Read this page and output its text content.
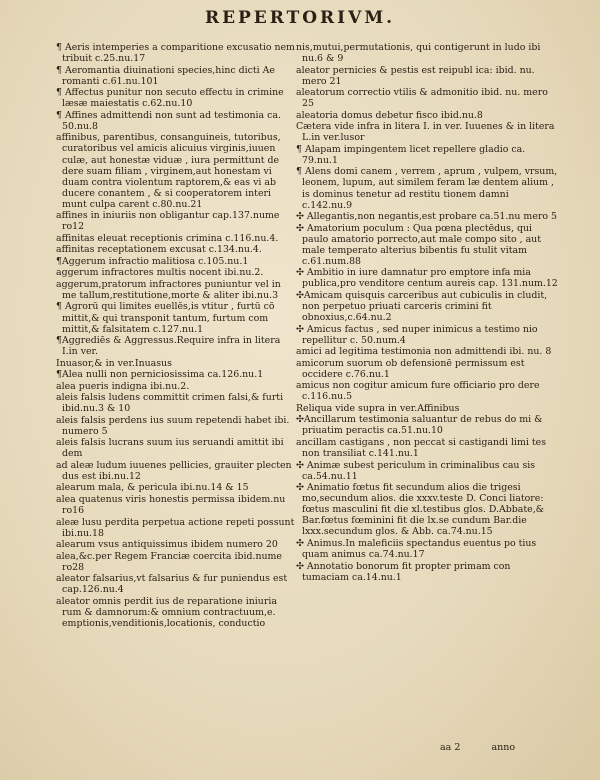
REPERTORIVM.
¶ Aeris intemperies a comparitione excusatio nem tribuit c.25.nu.17
¶ Aeromantia diuinationi species,hinc dicti Ae romanti c.61.nu.101
¶ Affectus punitur non secuto effectu in crimine læsæ maiestatis c.62.nu.10
¶ Affines admittendi non sunt ad testimonia ca. 50.nu.8
affinibus, parentibus, consanguineis, tutoribus, curatoribus vel amicis alicuius virginis,iuuen culæ, aut honestæ viduæ , iura permittunt de dere suam filiam , virginem,aut honestam vi duam contra violentum raptorem,& eas vi ab ducere conantem , & si cooperatorem interi munt culpa carent c.80.nu.21
affines in iniuriis non obligantur cap.137.nume ro12
affinitas eleuat receptionis crimina c.116.nu.4.
affinitas receptationem excusat c.134.nu.4.
¶Aggerum infractio malitiosa c.105.nu.1
aggerum infractores multis nocent ibi.nu.2.
aggerum,pratorum infractores puniuntur vel in me tallum,restitutione,morte & aliter ibi.nu.3
¶ Agrorū qui limites euellēs,is vtitur , furtū cō mittit,& qui transponit tantum, furtum com mittit,& falsitatem c.127.nu.1
¶Aggrediēs & Aggressus.Require infra in litera I.in ver.
Inuasor,& in ver.Inuasus
¶Alea nulli non perniciosissima ca.126.nu.1
alea pueris indigna ibi.nu.2.
aleis falsis ludens committit crimen falsi,& furti ibid.nu.3 & 10
aleis falsis perdens ius suum repetendi habet ibi. numero 5
aleis falsis lucrans suum ius seruandi amittit ibi dem
ad aleæ ludum iuuenes pellicies, grauiter plecten dus est ibi.nu.12
alearum mala, & pericula ibi.nu.14 & 15
alea quatenus viris honestis permissa ibidem.nu ro16
aleæ lusu perdita perpetua actione repeti possunt ibi.nu.18
alearum vsus antiquissimus ibidem numero 20
alea,&c.per Regem Franciæ coercita ibid.nume ro28
aleator falsarius,vt falsarius & fur puniendus est cap.126.nu.4
aleator omnis perdit ius de reparatione iniuria rum & damnorum:& omnium contractuum,e. emptionis,venditionis,locationis, conductio
nis,mutui,permutationis, qui contigerunt in ludo ibi nu.6 & 9
aleator pernicies & pestis est reipubl ica: ibid. nu. mero 21
aleatorum correctio vtilis & admonitio ibid. nu. mero 25
aleatoria domus debetur fisco ibid.nu.8
Cætera vide infra in litera I. in ver. Iuuenes & in litera L.in ver.lusor
¶ Alapam impingentem licet repellere gladio ca. 79.nu.1
¶ Alens domi canem , verrem , aprum , vulpem, vrsum, leonem, lupum, aut similem feram læ dentem alium , is dominus tenetur ad restitu tionem damni c.142.nu.9
✣ Allegantis,non negantis,est probare ca.51.nu mero 5
✣ Amatorium poculum : Qua pœna plectēdus, qui paulo amatorio porrecto,aut male compo sito , aut male temperato alterius bibentis fu stulit vitam c.61.num.88
✣ Ambitio in iure damnatur pro emptore infa mia publica,pro venditore centum aureis cap. 131.num.12
✣Amicam quisquis carceribus aut cubiculis in cludit, non perpetuo priuati carceris crimini fit obnoxius,c.64.nu.2
✣ Amicus factus , sed nuper inimicus a testimo nio repellitur c. 50.num.4
amici ad legitima testimonia non admittendi ibi. nu. 8
amicorum suorum ob defensionē permissum est occidere c.76.nu.1
amicus non cogitur amicum fure officiario pro dere c.116.nu.5
Reliqua vide supra in ver.Affinibus
✣Ancillarum testimonia saluantur de rebus do mi & priuatim peractis ca.51.nu.10
ancillam castigans , non peccat si castigandi limi tes non transiliat c.141.nu.1
✣ Animæ subest periculum in criminalibus cau sis ca.54.nu.11
✣ Animatio fœtus fit secundum alios die trigesi mo,secundum alios. die xxxv.teste D. Conci liatore: fœtus masculini fit die xl.testibus glos. D.Abbate,& Bar.fœtus fœminini fit die lx.se cundum Bar.die lxxx.secundum glos. & Abb. ca.74.nu.15
✣ Animus.In maleficiis spectandus euentus po tius quam animus ca.74.nu.17
✣ Annotatio bonorum fit propter primam con tumaciam ca.14.nu.1
aa 2	anno
